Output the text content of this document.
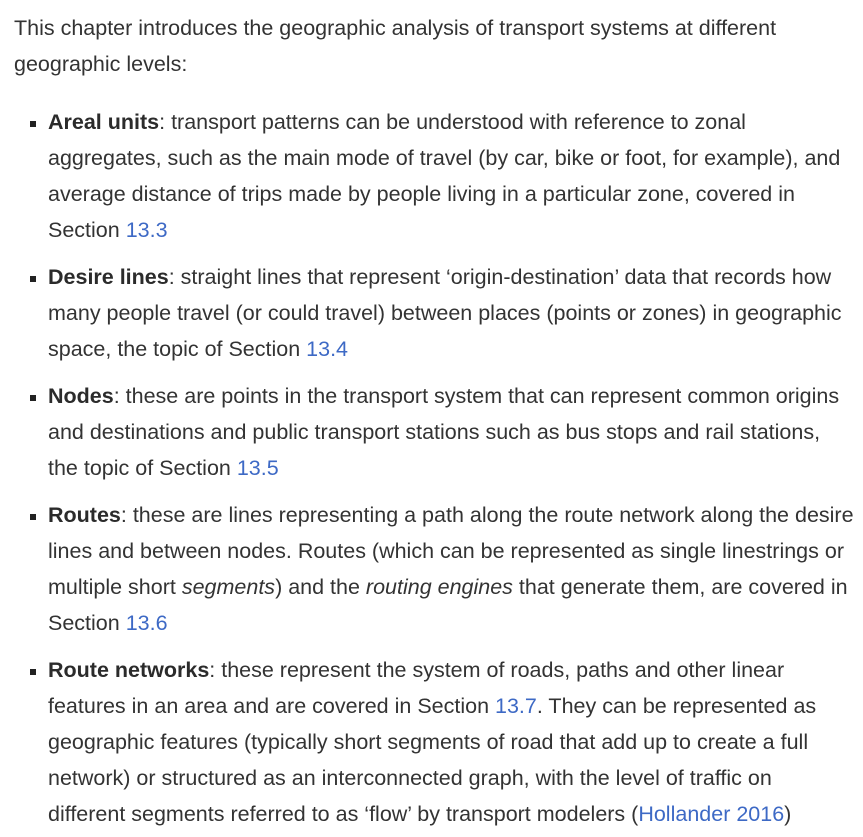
This chapter introduces the geographic analysis of transport systems at different geographic levels:

▪ Areal units: transport patterns can be understood with reference to zonal aggregates, such as the main mode of travel (by car, bike or foot, for example), and average distance of trips made by people living in a particular zone, covered in Section 13.3
▪ Desire lines: straight lines that represent ‘origin-destination’ data that records how many people travel (or could travel) between places (points or zones) in geographic space, the topic of Section 13.4
▪ Nodes: these are points in the transport system that can represent common origins and destinations and public transport stations such as bus stops and rail stations, the topic of Section 13.5
▪ Routes: these are lines representing a path along the route network along the desire lines and between nodes. Routes (which can be represented as single linestrings or multiple short segments) and the routing engines that generate them, are covered in Section 13.6
▪ Route networks: these represent the system of roads, paths and other linear features in an area and are covered in Section 13.7. They can be represented as geographic features (typically short segments of road that add up to create a full network) or structured as an interconnected graph, with the level of traffic on different segments referred to as ‘flow’ by transport modelers (Hollander 2016)
